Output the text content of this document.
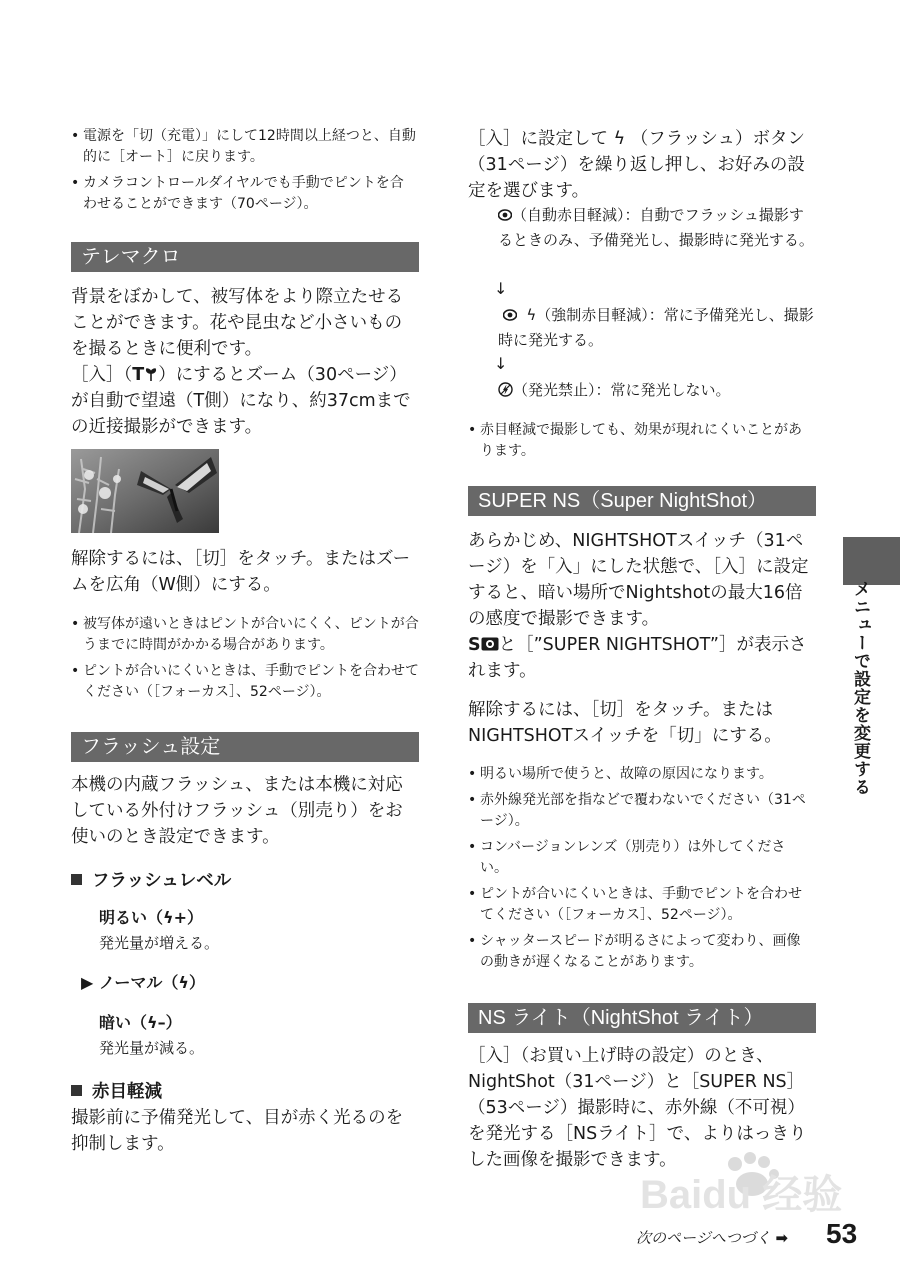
• 電源を「切（充電）」にして12時間以上経つと、自動的に［オート］に戻ります。
• カメラコントロールダイヤルでも手動でピントを合わせることができます（70ページ）。
テレマクロ

背景をぼかして、被写体をより際立たせることができます。花や昆虫など小さいものを撮るときに便利です。

［入］（T ）にするとズーム（30ページ）が自動で望遠（T側）になり、約37cmまでの近接撮影ができます。

解除するには、［切］をタッチ。またはズームを広角（W側）にする。

• 被写体が遠いときはピントが合いにくく、ピントが合うまでに時間がかかる場合があります。
• ピントが合いにくいときは、手動でピントを合わせてください（［フォーカス］、52ページ）。
フラッシュ設定

本機の内蔵フラッシュ、または本機に対応している外付けフラッシュ（別売り）をお使いのとき設定できます。

フラッシュレベル
明るい（ϟ+）
発光量が増える。
▶ ノーマル（ϟ）
暗い（ϟ–）
発光量が減る。
赤目軽減

撮影前に予備発光して、目が赤く光るのを抑制します。

［入］に設定して ϟ （フラッシュ）ボタン（31ページ）を繰り返し押し、お好みの設定を選びます。

（自動赤目軽減）：自動でフラッシュ撮影するときのみ、予備発光し、撮影時に発光する。
↓
ϟ（強制赤目軽減）：常に予備発光し、撮影時に発光する。
↓
（発光禁止）：常に発光しない。
• 赤目軽減で撮影しても、効果が現れにくいことがあります。
SUPER NS（Super NightShot）

あらかじめ、NIGHTSHOTスイッチ（31ページ）を「入」にした状態で、［入］に設定すると、暗い場所でNightshotの最大16倍の感度で撮影できます。

S と［”SUPER NIGHTSHOT”］が表示されます。

解除するには、［切］をタッチ。またはNIGHTSHOTスイッチを「切」にする。

• 明るい場所で使うと、故障の原因になります。
• 赤外線発光部を指などで覆わないでください（31ページ）。
• コンバージョンレンズ（別売り）は外してください。
• ピントが合いにくいときは、手動でピントを合わせてください（［フォーカス］、52ページ）。
• シャッタースピードが明るさによって変わり、画像の動きが遅くなることがあります。
NS ライト（NightShot ライト）

［入］（お買い上げ時の設定）のとき、NightShot（31ページ）と［SUPER NS］（53ページ）撮影時に、赤外線（不可視）を発光する［NSライト］で、よりはっきりした画像を撮影できます。

メニューで設定を変更する
Baidu 经验
次のページへつづく ➡ 53
